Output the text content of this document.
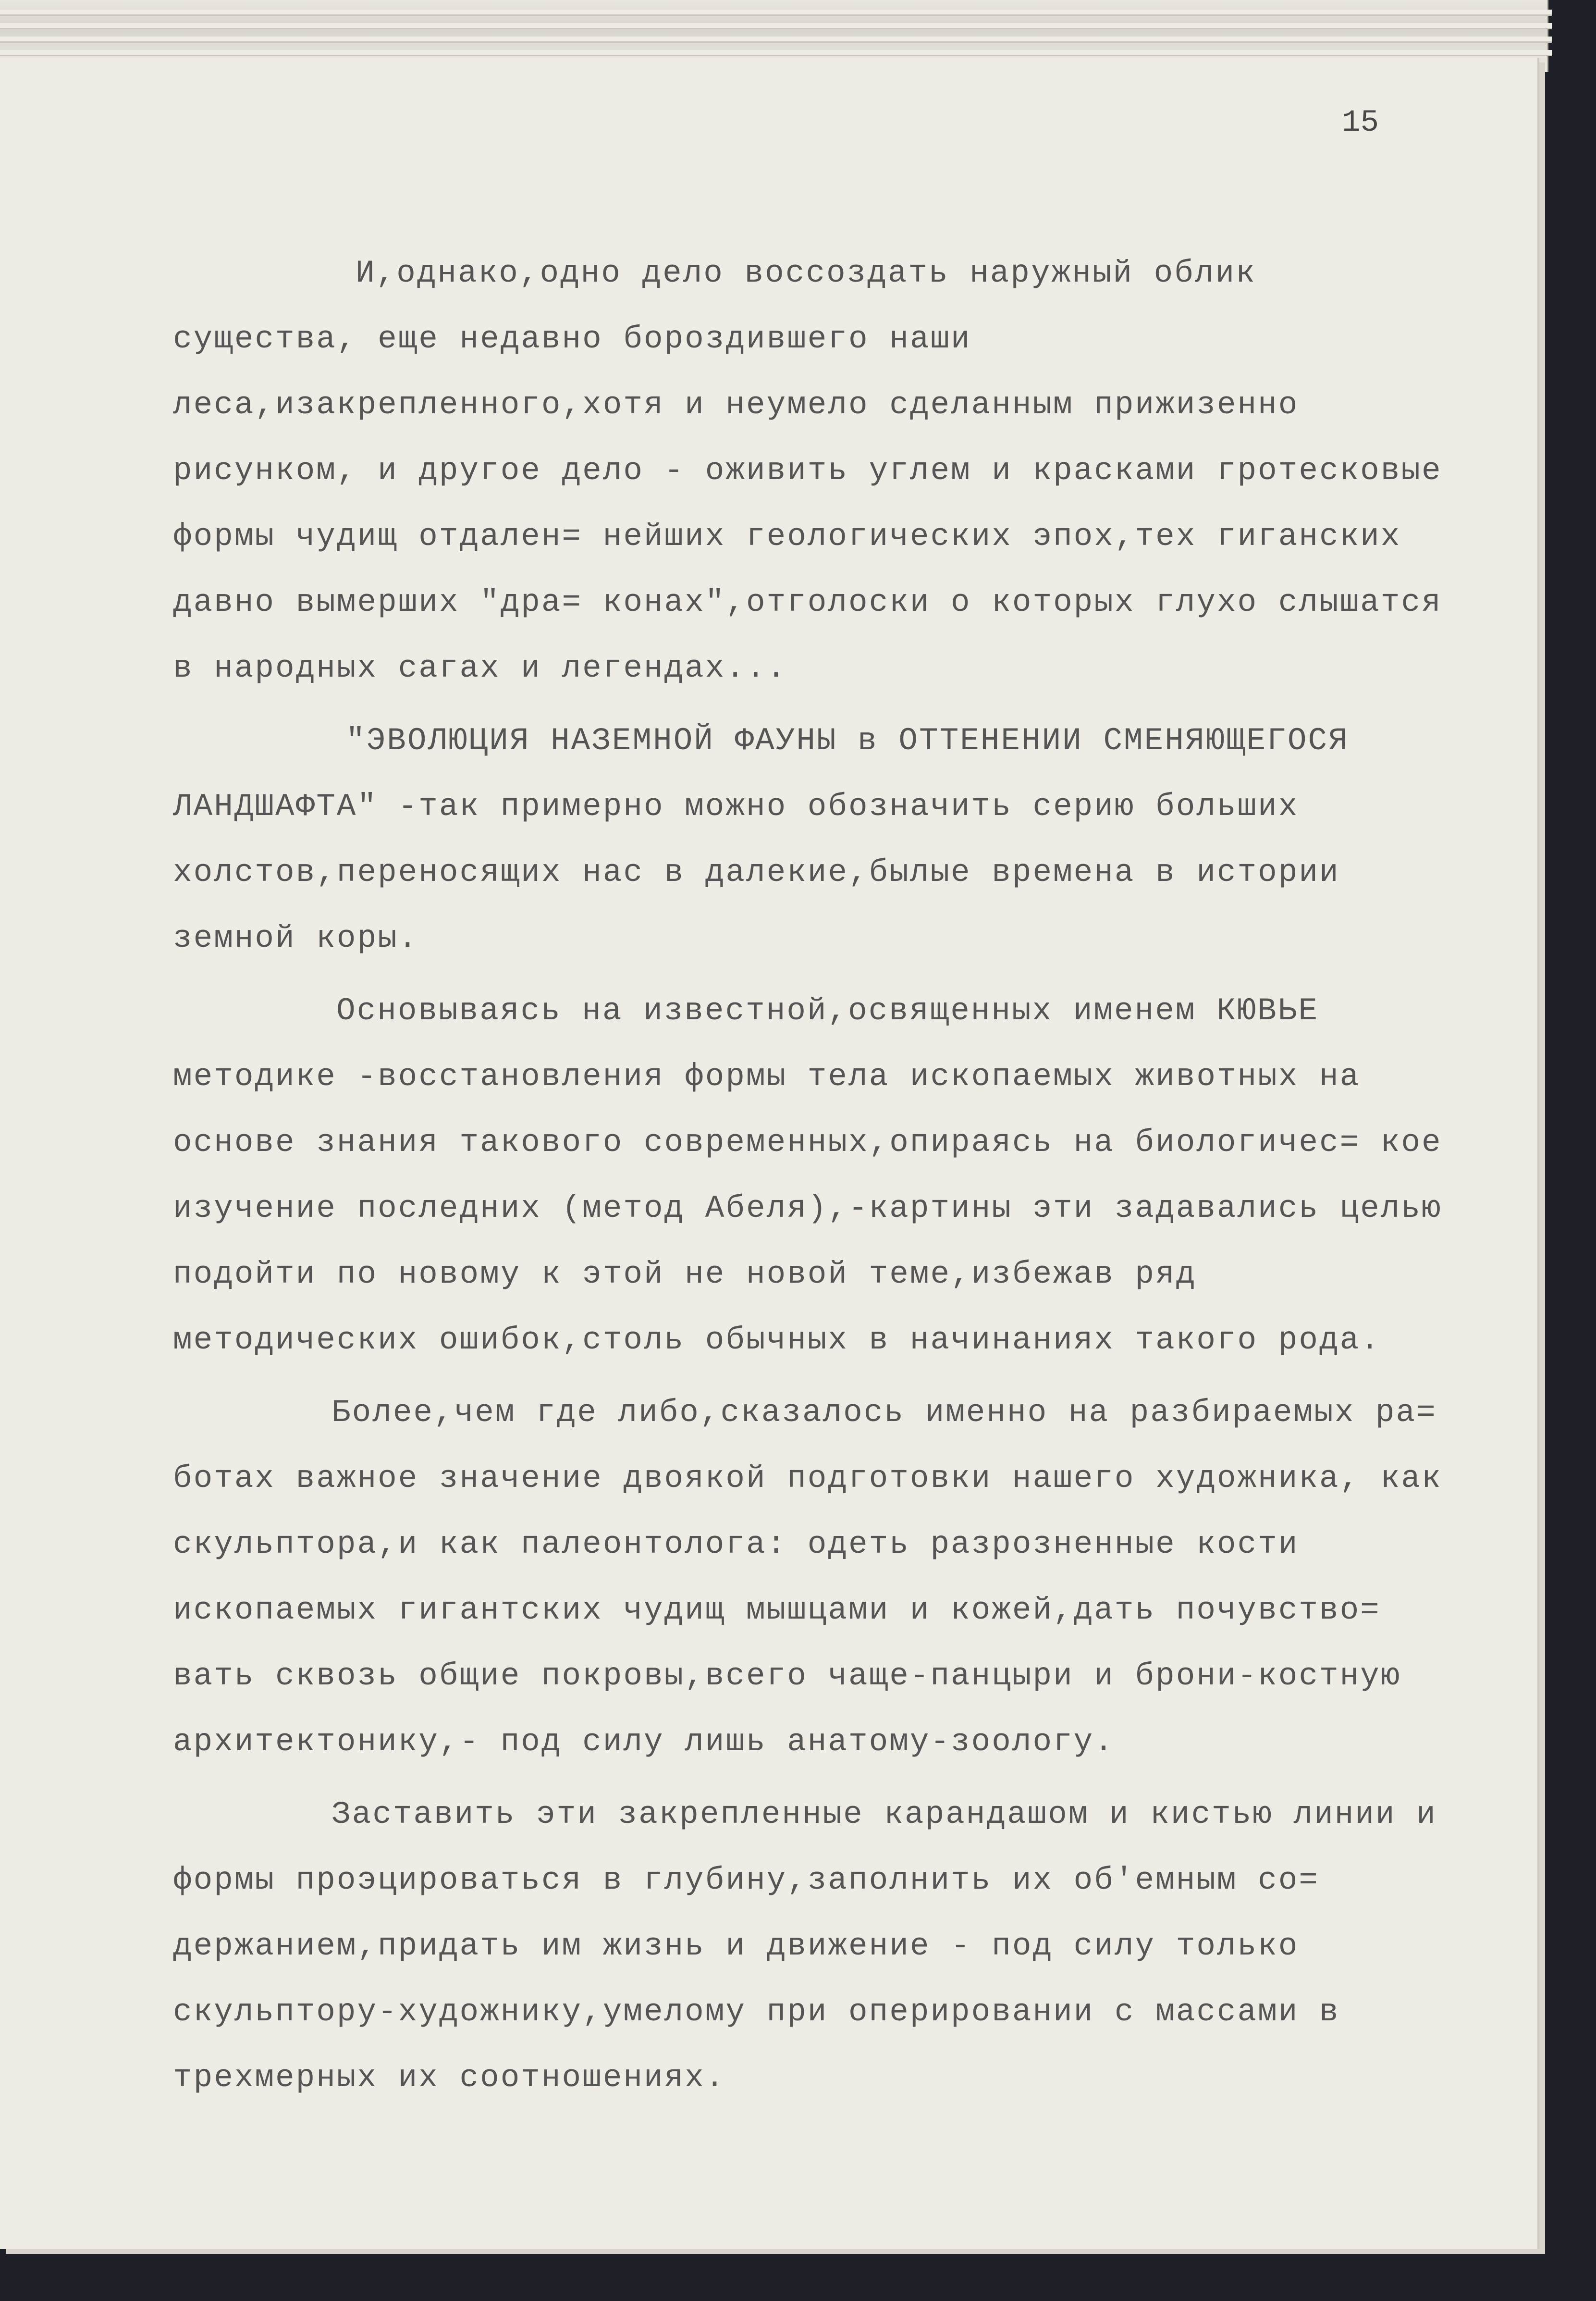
15

И,однако,одно дело воссоздать наружный облик существа, еще недавно бороздившего наши леса,изакрепленного,хотя и неумело сделанным прижизенно рисунком, и другое дело - оживить углем и красками гротесковые формы чудищ отдален= нейших геологических эпох,тех гиганских давно вымерших "дра= конах",отголоски о которых глухо слышатся в народных сагах и легендах...

"ЭВОЛЮЦИЯ НАЗЕМНОЙ ФАУНЫ в ОТТЕНЕНИИ СМЕНЯЮЩЕГОСЯ ЛАНДШАФТА" -так примерно можно обозначить серию больших холстов,переносящих нас в далекие,былые времена в истории земной коры.

Основываясь на известной,освященных именем КЮВЬЕ методике -восстановления формы тела ископаемых животных на основе знания такового современных,опираясь на биологичес= кое изучение последних (метод Абеля),-картины эти задавались целью подойти по новому к этой не новой теме,избежав ряд методических ошибок,столь обычных в начинаниях такого рода.

Более,чем где либо,сказалось именно на разбираемых ра= ботах важное значение двоякой подготовки нашего художника, как скульптора,и как палеонтолога: одеть разрозненные кости ископаемых гигантских чудищ мышцами и кожей,дать почувство= вать сквозь общие покровы,всего чаще-панцыри и брони-костную архитектонику,- под силу лишь анатому-зоологу.

Заставить эти закрепленные карандашом и кистью линии и формы проэцироваться в глубину,заполнить их об'емным со= держанием,придать им жизнь и движение - под силу только скульптору-художнику,умелому при оперировании с массами в трехмерных их соотношениях.
